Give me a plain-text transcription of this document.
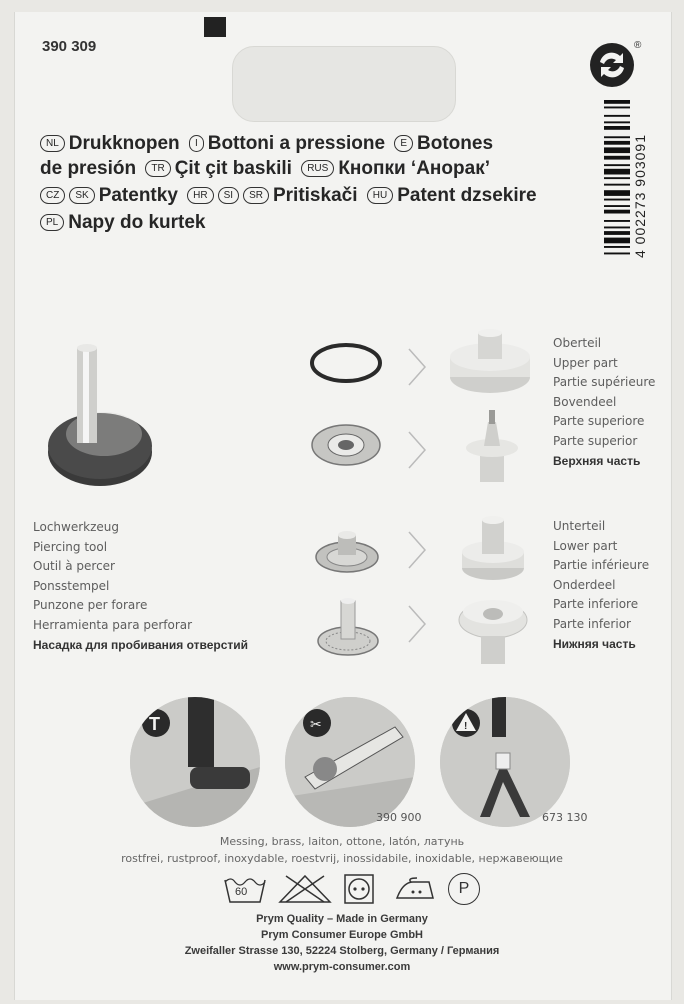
390 309	®
NL Drukknopen I Bottoni a pressione E Botones
de presión TR Çit çit baskili RUS Кнопки ‘Анорак’
CZ SK Patentky HR SI SR Pritiskači HU Patent dzsekire
PL Napy do kurtek	4 002273 903091
Oberteil
Upper part
Partie supérieure
Bovendeel
Parte superiore
Parte superior
Верхняя часть
Lochwerkzeug
Piercing tool
Outil à percer
Ponsstempel
Punzone per forare
Herramienta para perforar
Насадка для пробивания отверстий
Unterteil
Lower part
Partie inférieure
Onderdeel
Parte inferiore
Parte inferior
Нижняя часть
T	✂	!
390 900	673 130
Messing, brass, laiton, ottone, latón, латунь
rostfrei, rustproof, inoxydable, roestvrij, inossidabile, inoxidable, нержавеющие
60	P
Prym Quality – Made in Germany
Prym Consumer Europe GmbH
Zweifaller Strasse 130, 52224 Stolberg, Germany / Германия
www.prym-consumer.com
